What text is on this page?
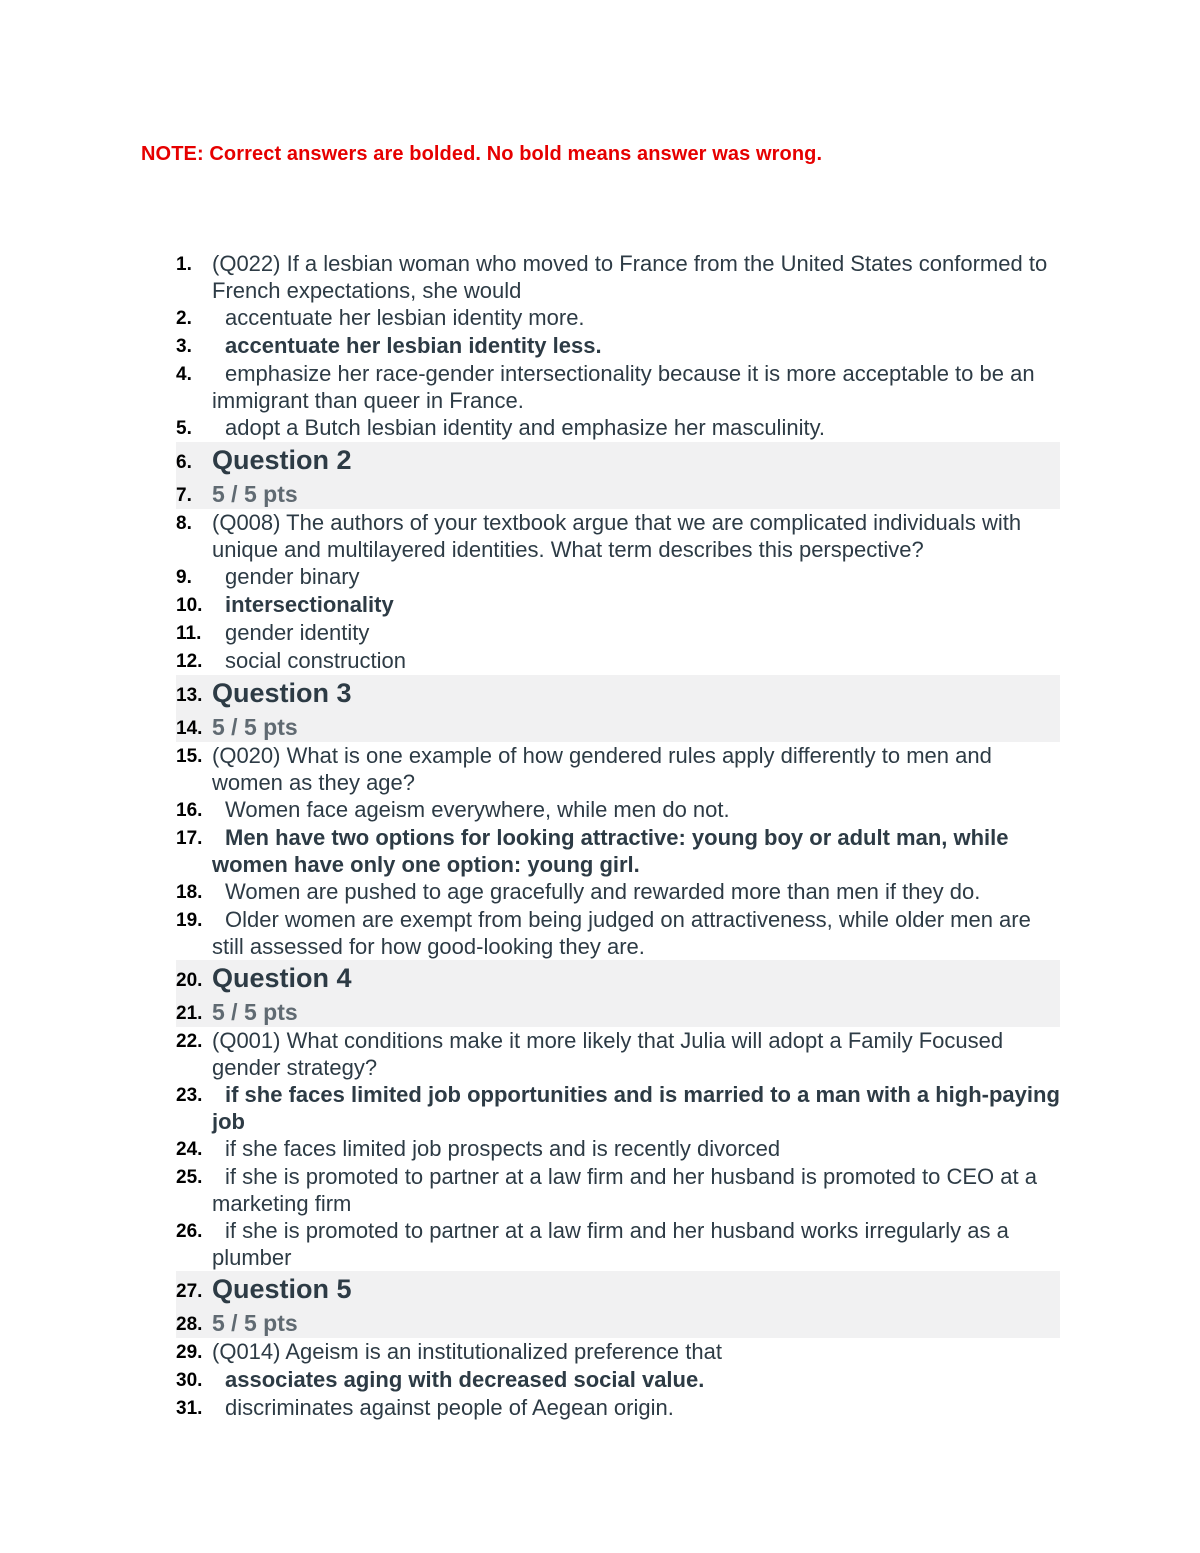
NOTE: Correct answers are bolded. No bold means answer was wrong.
1. (Q022) If a lesbian woman who moved to France from the United States conformed to French expectations, she would
2.	accentuate her lesbian identity more.
3.	accentuate her lesbian identity less.
4.	emphasize her race-gender intersectionality because it is more acceptable to be an immigrant than queer in France.
5.	adopt a Butch lesbian identity and emphasize her masculinity.
6. Question 2
7. 5 / 5 pts
8. (Q008) The authors of your textbook argue that we are complicated individuals with unique and multilayered identities. What term describes this perspective?
9.	gender binary
10.	intersectionality
11.	gender identity
12.	social construction
13. Question 3
14. 5 / 5 pts
15. (Q020) What is one example of how gendered rules apply differently to men and women as they age?
16.	Women face ageism everywhere, while men do not.
17.	Men have two options for looking attractive: young boy or adult man, while women have only one option: young girl.
18.	Women are pushed to age gracefully and rewarded more than men if they do.
19.	Older women are exempt from being judged on attractiveness, while older men are still assessed for how good-looking they are.
20. Question 4
21. 5 / 5 pts
22. (Q001) What conditions make it more likely that Julia will adopt a Family Focused gender strategy?
23.	if she faces limited job opportunities and is married to a man with a high-paying job
24.	if she faces limited job prospects and is recently divorced
25.	if she is promoted to partner at a law firm and her husband is promoted to CEO at a marketing firm
26.	if she is promoted to partner at a law firm and her husband works irregularly as a plumber
27. Question 5
28. 5 / 5 pts
29. (Q014) Ageism is an institutionalized preference that
30.	associates aging with decreased social value.
31.	discriminates against people of Aegean origin.
